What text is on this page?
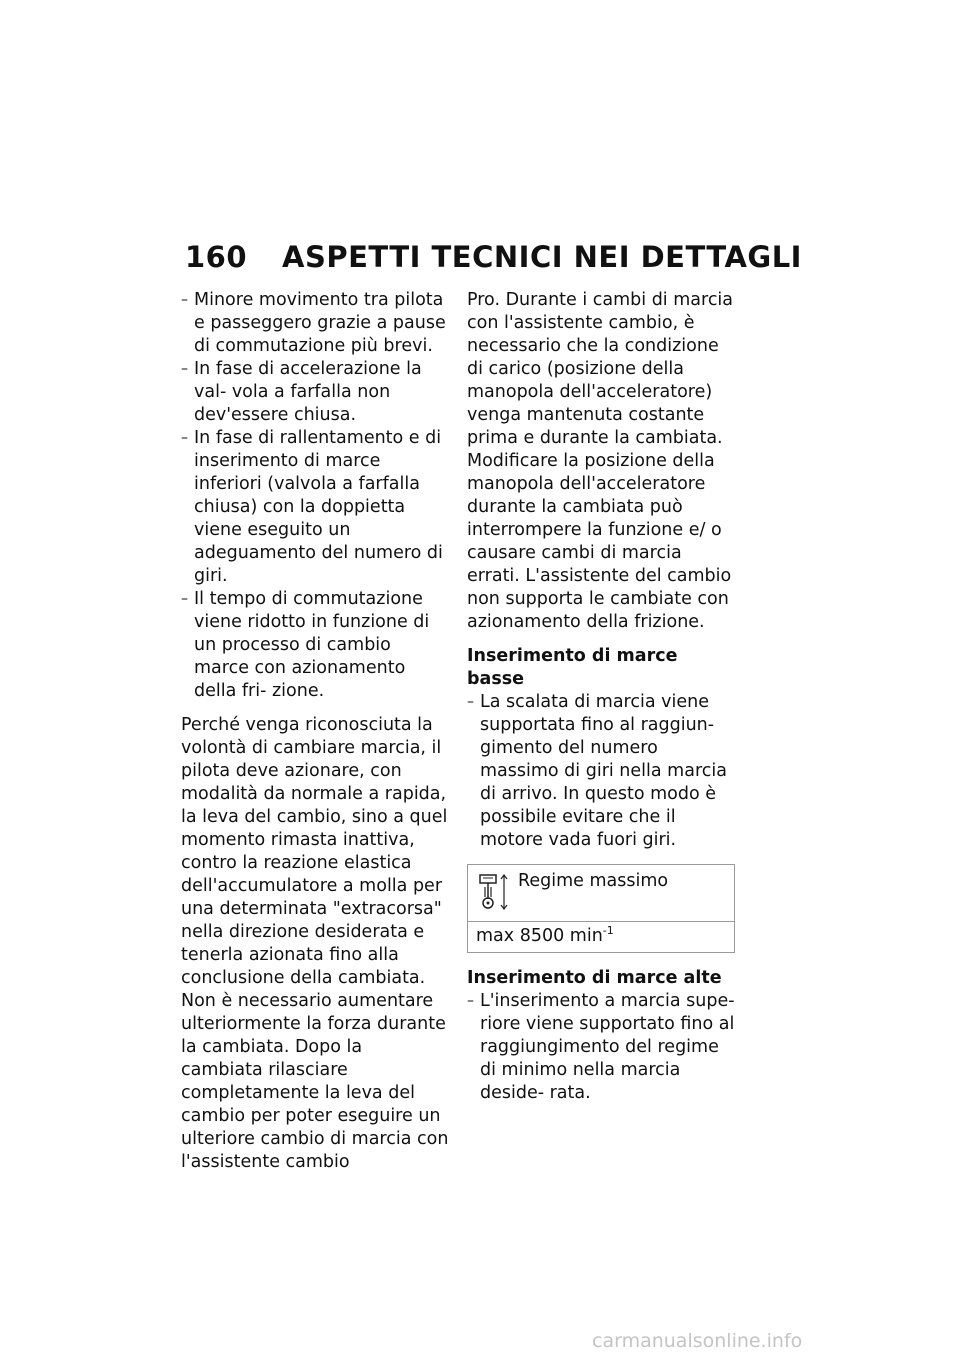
160 ASPETTI TECNICI NEI DETTAGLI
– Minore movimento tra pilota e passeggero grazie a pause di commutazione più brevi.
– In fase di accelerazione la val- vola a farfalla non dev'essere chiusa.
– In fase di rallentamento e di inserimento di marce inferiori (valvola a farfalla chiusa) con la doppietta viene eseguito un adeguamento del numero di giri.
– Il tempo di commutazione viene ridotto in funzione di un processo di cambio marce con azionamento della fri- zione.

Perché venga riconosciuta la volontà di cambiare marcia, il pilota deve azionare, con modalità da normale a rapida, la leva del cambio, sino a quel momento rimasta inattiva, contro la reazione elastica dell'accumulatore a molla per una determinata "extracorsa" nella direzione desiderata e tenerla azionata fino alla conclusione della cambiata. Non è necessario aumentare ulteriormente la forza durante la cambiata. Dopo la cambiata rilasciare completamente la leva del cambio per poter eseguire un ulteriore cambio di marcia con l'assistente cambio

Pro. Durante i cambi di marcia con l'assistente cambio, è necessario che la condizione di carico (posizione della manopola dell'acceleratore) venga mantenuta costante prima e durante la cambiata. Modificare la posizione della manopola dell'acceleratore durante la cambiata può interrompere la funzione e/ o causare cambi di marcia errati. L'assistente del cambio non supporta le cambiate con azionamento della frizione.

Inserimento di marce basse
– La scalata di marcia viene supportata fino al raggiun- gimento del numero massimo di giri nella marcia di arrivo. In questo modo è possibile evitare che il motore vada fuori giri.
Regime massimo
max 8500 $\min^{-1}$
Inserimento di marce alte
– L'inserimento a marcia supe- riore viene supportato fino al raggiungimento del regime di minimo nella marcia deside- rata.
carmanualsonline.info
